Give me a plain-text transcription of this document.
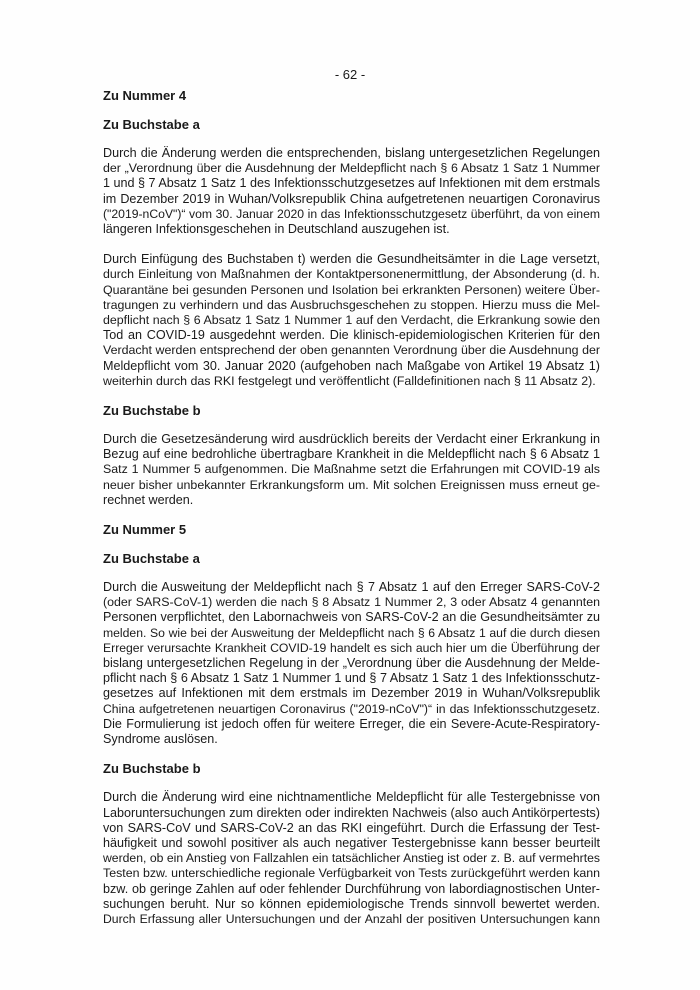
- 62 -

Zu Nummer 4

Zu Buchstabe a

Durch die Änderung werden die entsprechenden, bislang untergesetzlichen Regelungen
der „Verordnung über die Ausdehnung der Meldepflicht nach § 6 Absatz 1 Satz 1 Nummer
1 und § 7 Absatz 1 Satz 1 des Infektionsschutzgesetzes auf Infektionen mit dem erstmals
im Dezember 2019 in Wuhan/Volksrepublik China aufgetretenen neuartigen Coronavirus
("2019-nCoV")“ vom 30. Januar 2020 in das Infektionsschutzgesetz überführt, da von einem
längeren Infektionsgeschehen in Deutschland auszugehen ist.

Durch Einfügung des Buchstaben t) werden die Gesundheitsämter in die Lage versetzt,
durch Einleitung von Maßnahmen der Kontaktpersonenermittlung, der Absonderung (d. h.
Quarantäne bei gesunden Personen und Isolation bei erkrankten Personen) weitere Über-
tragungen zu verhindern und das Ausbruchsgeschehen zu stoppen. Hierzu muss die Mel-
depflicht nach § 6 Absatz 1 Satz 1 Nummer 1 auf den Verdacht, die Erkrankung sowie den
Tod an COVID-19 ausgedehnt werden. Die klinisch-epidemiologischen Kriterien für den
Verdacht werden entsprechend der oben genannten Verordnung über die Ausdehnung der
Meldepflicht vom 30. Januar 2020 (aufgehoben nach Maßgabe von Artikel 19 Absatz 1)
weiterhin durch das RKI festgelegt und veröffentlicht (Falldefinitionen nach § 11 Absatz 2).

Zu Buchstabe b

Durch die Gesetzesänderung wird ausdrücklich bereits der Verdacht einer Erkrankung in
Bezug auf eine bedrohliche übertragbare Krankheit in die Meldepflicht nach § 6 Absatz 1
Satz 1 Nummer 5 aufgenommen. Die Maßnahme setzt die Erfahrungen mit COVID-19 als
neuer bisher unbekannter Erkrankungsform um. Mit solchen Ereignissen muss erneut ge-
rechnet werden.

Zu Nummer 5

Zu Buchstabe a

Durch die Ausweitung der Meldepflicht nach § 7 Absatz 1 auf den Erreger SARS-CoV-2
(oder SARS-CoV-1) werden die nach § 8 Absatz 1 Nummer 2, 3 oder Absatz 4 genannten
Personen verpflichtet, den Labornachweis von SARS-CoV-2 an die Gesundheitsämter zu
melden. So wie bei der Ausweitung der Meldepflicht nach § 6 Absatz 1 auf die durch diesen
Erreger verursachte Krankheit COVID-19 handelt es sich auch hier um die Überführung der
bislang untergesetzlichen Regelung in der „Verordnung über die Ausdehnung der Melde-
pflicht nach § 6 Absatz 1 Satz 1 Nummer 1 und § 7 Absatz 1 Satz 1 des Infektionsschutz-
gesetzes auf Infektionen mit dem erstmals im Dezember 2019 in Wuhan/Volksrepublik
China aufgetretenen neuartigen Coronavirus ("2019-nCoV")“ in das Infektionsschutzgesetz.
Die Formulierung ist jedoch offen für weitere Erreger, die ein Severe-Acute-Respiratory-
Syndrome auslösen.

Zu Buchstabe b

Durch die Änderung wird eine nichtnamentliche Meldepflicht für alle Testergebnisse von
Laboruntersuchungen zum direkten oder indirekten Nachweis (also auch Antikörpertests)
von SARS-CoV und SARS-CoV-2 an das RKI eingeführt. Durch die Erfassung der Test-
häufigkeit und sowohl positiver als auch negativer Testergebnisse kann besser beurteilt
werden, ob ein Anstieg von Fallzahlen ein tatsächlicher Anstieg ist oder z. B. auf vermehrtes
Testen bzw. unterschiedliche regionale Verfügbarkeit von Tests zurückgeführt werden kann
bzw. ob geringe Zahlen auf oder fehlender Durchführung von labordiagnostischen Unter-
suchungen beruht. Nur so können epidemiologische Trends sinnvoll bewertet werden.
Durch Erfassung aller Untersuchungen und der Anzahl der positiven Untersuchungen kann
